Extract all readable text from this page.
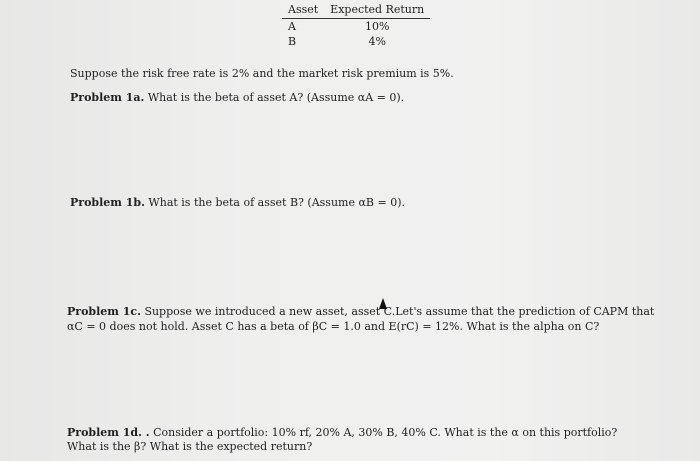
Asset	Expected Return
A	10%
B	4%
Suppose the risk free rate is 2% and the market risk premium is 5%.
Problem 1a. What is the beta of asset A? (Assume αA = 0).
Problem 1b. What is the beta of asset B? (Assume αB = 0).
Problem 1c. Suppose we introduced a new asset, asset C.Let's assume that the prediction of CAPM that
αC = 0 does not hold. Asset C has a beta of βC = 1.0 and E(rC) = 12%. What is the alpha on C?
Problem 1d. . Consider a portfolio: 10% rf, 20% A, 30% B, 40% C. What is the α on this portfolio?
What is the β? What is the expected return?
